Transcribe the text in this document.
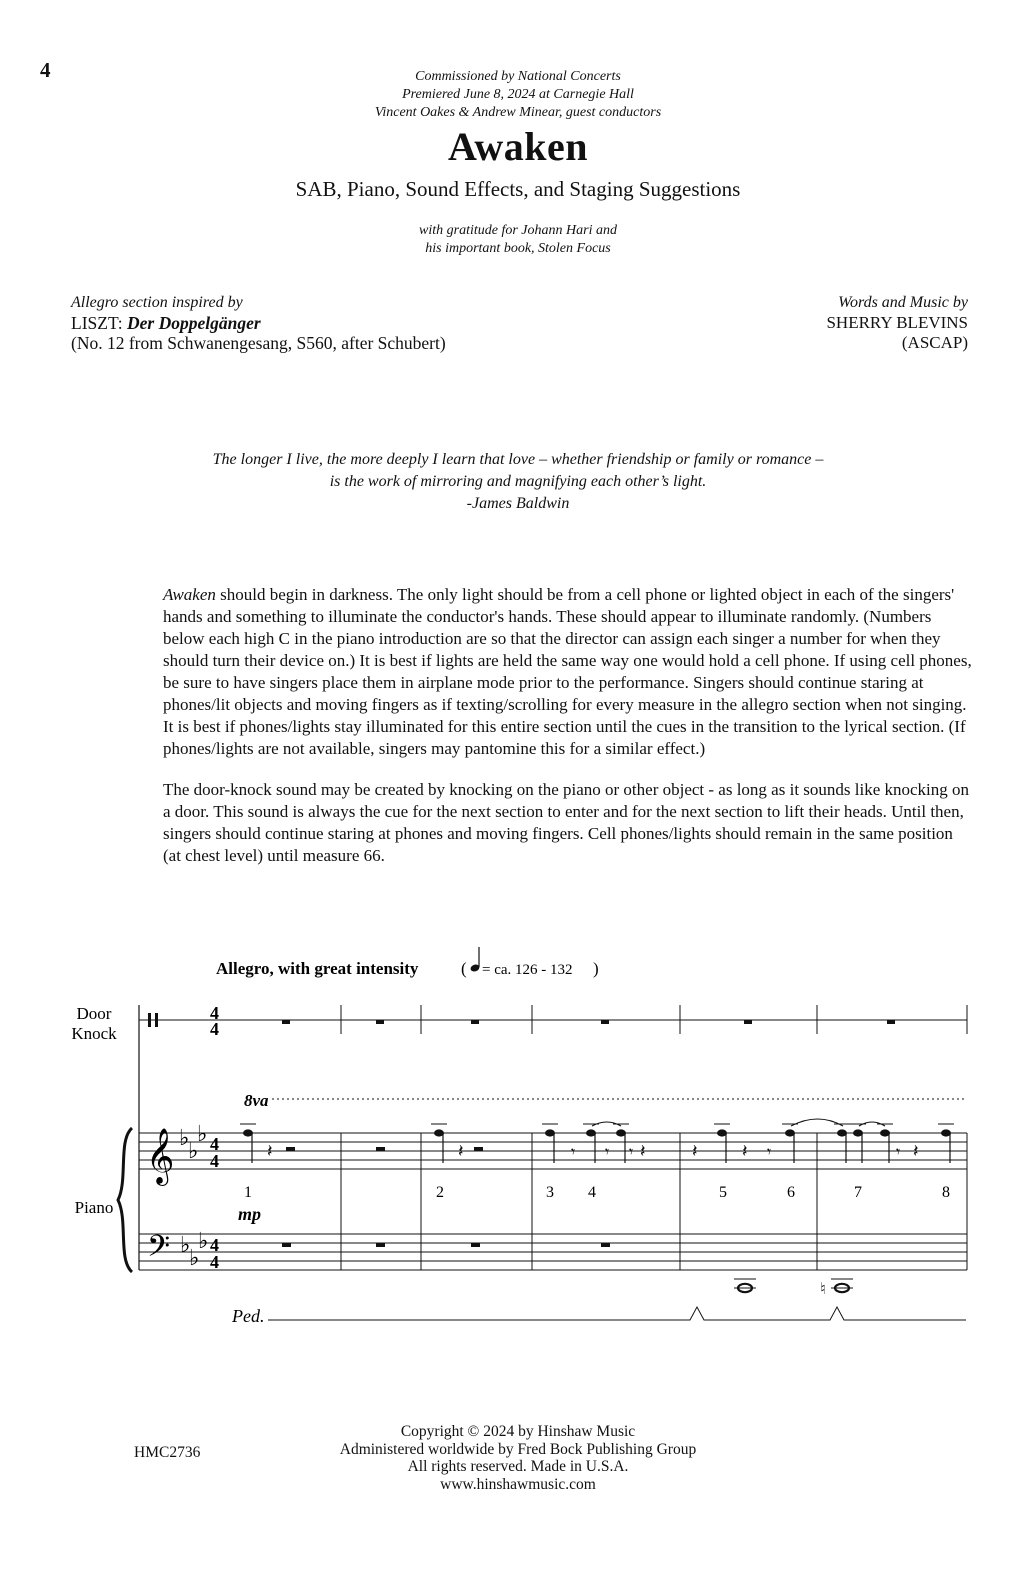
4	Commissioned by National Concerts
Premiered June 8, 2024 at Carnegie Hall
Vincent Oakes & Andrew Minear, guest conductors
Awaken
SAB, Piano, Sound Effects, and Staging Suggestions
with gratitude for Johann Hari and
his important book, Stolen Focus
Allegro section inspired by
LISZT: Der Doppelgänger
(No. 12 from Schwanengesang, S560, after Schubert)
Words and Music by
SHERRY BLEVINS
(ASCAP)
The longer I live, the more deeply I learn that love – whether friendship or family or romance –
is the work of mirroring and magnifying each other’s light.
-James Baldwin

Awaken should begin in darkness. The only light should be from a cell phone or lighted object in each of the singers' hands and something to illuminate the conductor's hands. These should appear to illuminate randomly. (Numbers below each high C in the piano introduction are so that the director can assign each singer a number for when they should turn their device on.) It is best if lights are held the same way one would hold a cell phone. If using cell phones, be sure to have singers place them in airplane mode prior to the performance. Singers should continue staring at phones/lit objects and moving fingers as if texting/scrolling for every measure in the allegro section when not singing. It is best if phones/lights stay illuminated for this entire section until the cues in the transition to the lyrical section. (If phones/lights are not available, singers may pantomine this for a similar effect.)

The door-knock sound may be created by knocking on the piano or other object - as long as it sounds like knocking on a door. This sound is always the cue for the next section to enter and for the next section to lift their heads. Until then, singers should continue staring at phones and moving fingers. Cell phones/lights should remain in the same position (at chest level) until measure 66.

Allegro, with great intensity	( = ca. 126 - 132 )
Door
Knock
Piano
4
4
8va
𝄞 ♭
♭
♭ 4
4
𝄢 ♭
♭
♭ 4
4
𝄽	𝄽	𝄽	𝄽 𝄽	𝄽
𝄾 𝄾 𝄾	𝄾	𝄾
1	2	3 4	5	6	7	8
mp
♮
Ped.
Copyright © 2024 by Hinshaw Music
Administered worldwide by Fred Bock Publishing Group
All rights reserved. Made in U.S.A.
www.hinshawmusic.com
HMC2736
